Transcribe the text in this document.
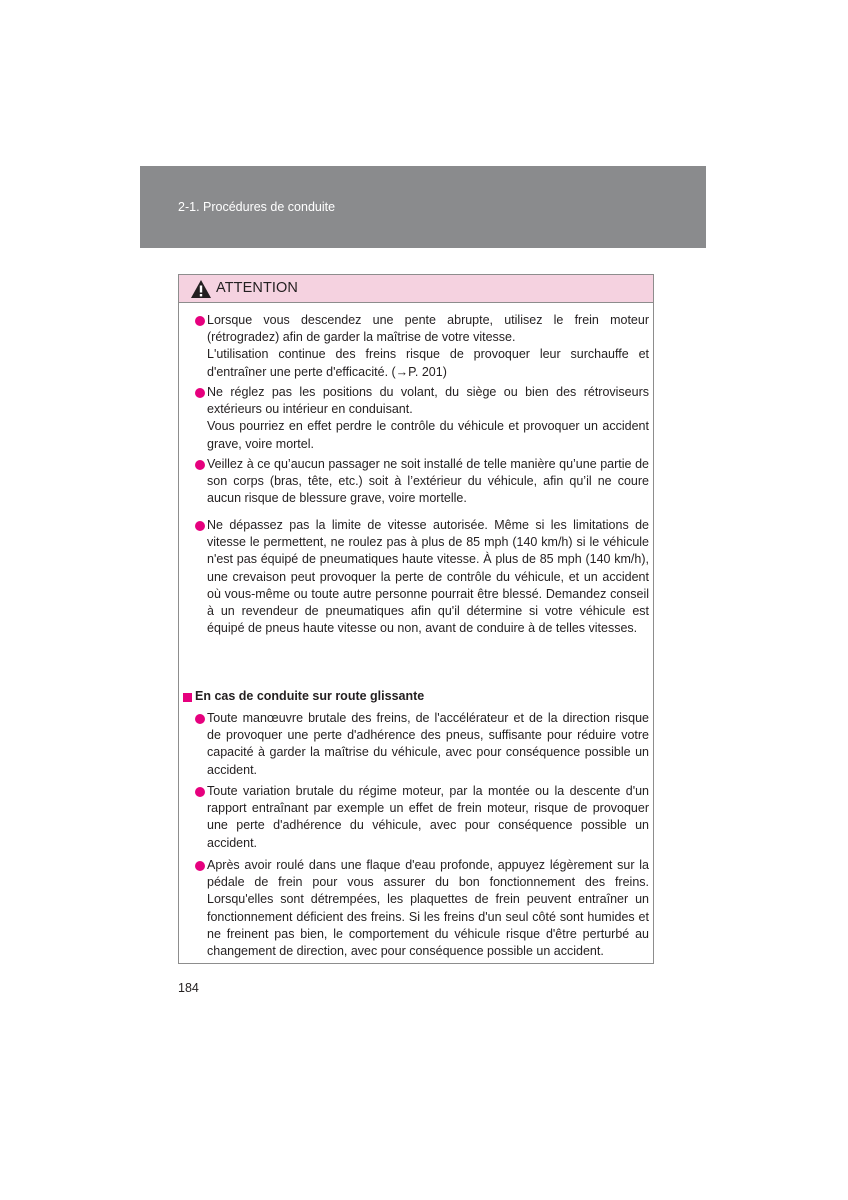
2-1. Procédures de conduite
ATTENTION

Lorsque vous descendez une pente abrupte, utilisez le frein moteur (rétrogradez) afin de garder la maîtrise de votre vitesse.

L'utilisation continue des freins risque de provoquer leur surchauffe et d'entraîner une perte d'efficacité. (→P. 201)

Ne réglez pas les positions du volant, du siège ou bien des rétroviseurs extérieurs ou intérieur en conduisant.

Vous pourriez en effet perdre le contrôle du véhicule et provoquer un accident grave, voire mortel.

Veillez à ce qu’aucun passager ne soit installé de telle manière qu’une partie de son corps (bras, tête, etc.) soit à l’extérieur du véhicule, afin qu’il ne coure aucun risque de blessure grave, voire mortelle.

Ne dépassez pas la limite de vitesse autorisée. Même si les limitations de vitesse le permettent, ne roulez pas à plus de 85 mph (140 km/h) si le véhicule n'est pas équipé de pneumatiques haute vitesse. À plus de 85 mph (140 km/h), une crevaison peut provoquer la perte de contrôle du véhicule, et un accident où vous-même ou toute autre personne pourrait être blessé. Demandez conseil à un revendeur de pneumatiques afin qu'il détermine si votre véhicule est équipé de pneus haute vitesse ou non, avant de conduire à de telles vitesses.

En cas de conduite sur route glissante

Toute manœuvre brutale des freins, de l'accélérateur et de la direction risque de provoquer une perte d'adhérence des pneus, suffisante pour réduire votre capacité à garder la maîtrise du véhicule, avec pour conséquence possible un accident.

Toute variation brutale du régime moteur, par la montée ou la descente d'un rapport entraînant par exemple un effet de frein moteur, risque de provoquer une perte d'adhérence du véhicule, avec pour conséquence possible un accident.

Après avoir roulé dans une flaque d'eau profonde, appuyez légèrement sur la pédale de frein pour vous assurer du bon fonctionnement des freins. Lorsqu'elles sont détrempées, les plaquettes de frein peuvent entraîner un fonctionnement déficient des freins. Si les freins d'un seul côté sont humides et ne freinent pas bien, le comportement du véhicule risque d'être perturbé au changement de direction, avec pour conséquence possible un accident.

184
